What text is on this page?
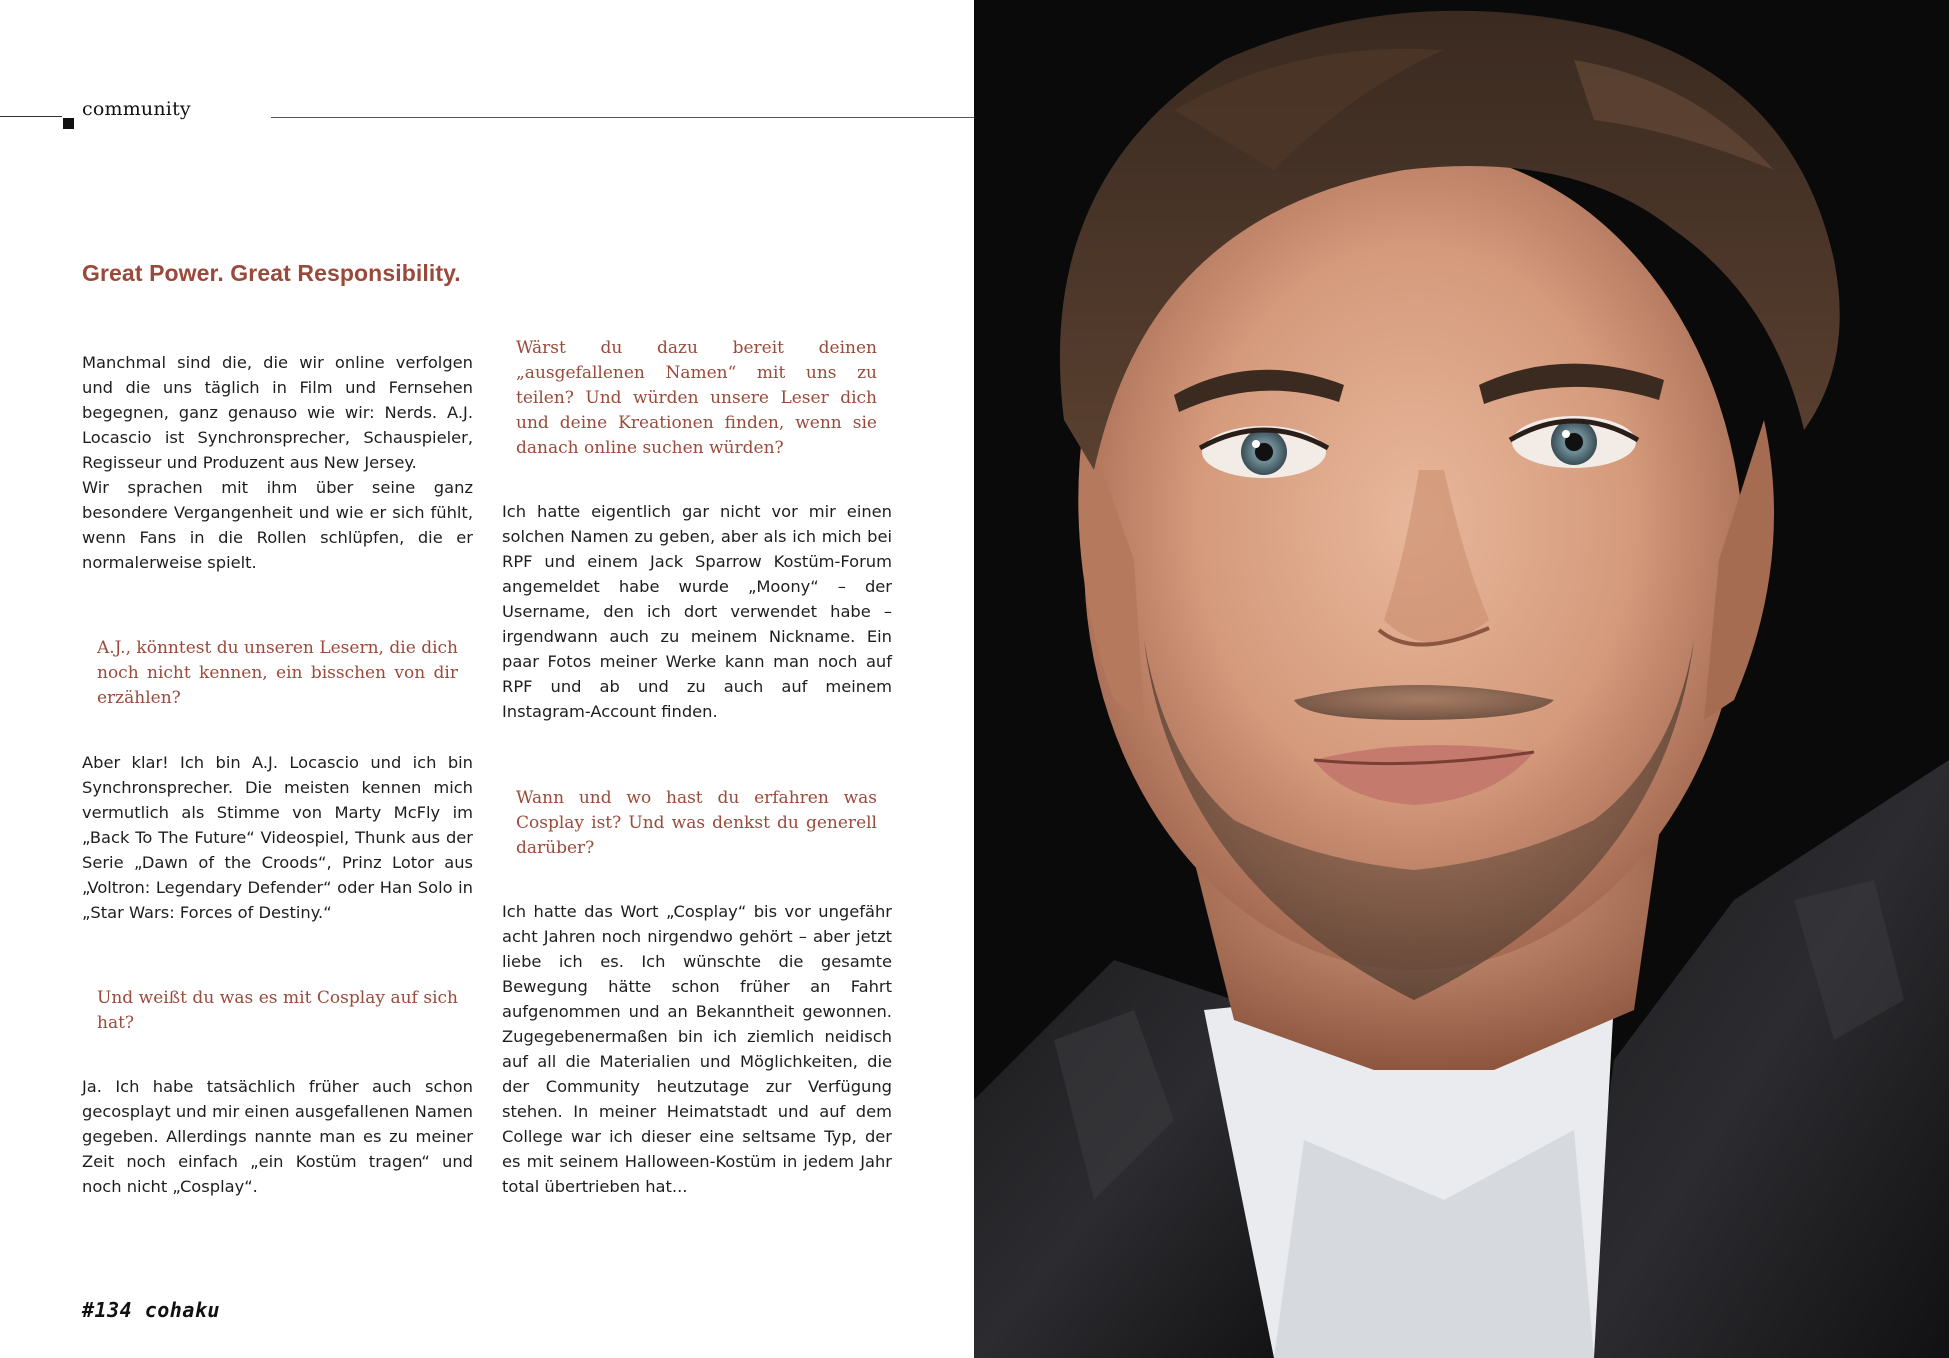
community
Great Power. Great Responsibility.

Manchmal sind die, die wir online verfolgen und die uns täglich in Film und Fernsehen begegnen, ganz genauso wie wir: Nerds. A.J. Locascio ist Synchronsprecher, Schauspieler, Regisseur und Produzent aus New Jersey.

Wir sprachen mit ihm über seine ganz besondere Vergangenheit und wie er sich fühlt, wenn Fans in die Rollen schlüpfen, die er normalerweise spielt.

A.J., könntest du unseren Lesern, die dich noch nicht kennen, ein bisschen von dir erzählen?

Aber klar! Ich bin A.J. Locascio und ich bin Synchronsprecher. Die meisten kennen mich vermutlich als Stimme von Marty McFly im „Back To The Future“ Videospiel, Thunk aus der Serie „Dawn of the Croods“, Prinz Lotor aus „Voltron: Legendary Defender“ oder Han Solo in „Star Wars: Forces of Destiny.“

Und weißt du was es mit Cosplay auf sich hat?

Ja. Ich habe tatsächlich früher auch schon gecosplayt und mir einen ausgefallenen Namen gegeben. Allerdings nannte man es zu meiner Zeit noch einfach „ein Kostüm tragen“ und noch nicht „Cosplay“.

Wärst du dazu bereit deinen „ausgefallenen Namen“ mit uns zu teilen? Und würden unsere Leser dich und deine Kreationen finden, wenn sie danach online suchen würden?

Ich hatte eigentlich gar nicht vor mir einen solchen Namen zu geben, aber als ich mich bei RPF und einem Jack Sparrow Kostüm-Forum angemeldet habe wurde „Moony“ – der Username, den ich dort verwendet habe – irgendwann auch zu meinem Nickname. Ein paar Fotos meiner Werke kann man noch auf RPF und ab und zu auch auf meinem Instagram-Account finden.

Wann und wo hast du erfahren was Cosplay ist? Und was denkst du generell darüber?

Ich hatte das Wort „Cosplay“ bis vor ungefähr acht Jahren noch nirgendwo gehört – aber jetzt liebe ich es. Ich wünschte die gesamte Bewegung hätte schon früher an Fahrt aufgenommen und an Bekanntheit gewonnen. Zugegebenermaßen bin ich ziemlich neidisch auf all die Materialien und Möglichkeiten, die der Community heutzutage zur Verfügung stehen. In meiner Heimatstadt und auf dem College war ich dieser eine seltsame Typ, der es mit seinem Halloween-Kostüm in jedem Jahr total übertrieben hat...

#134 cohaku
